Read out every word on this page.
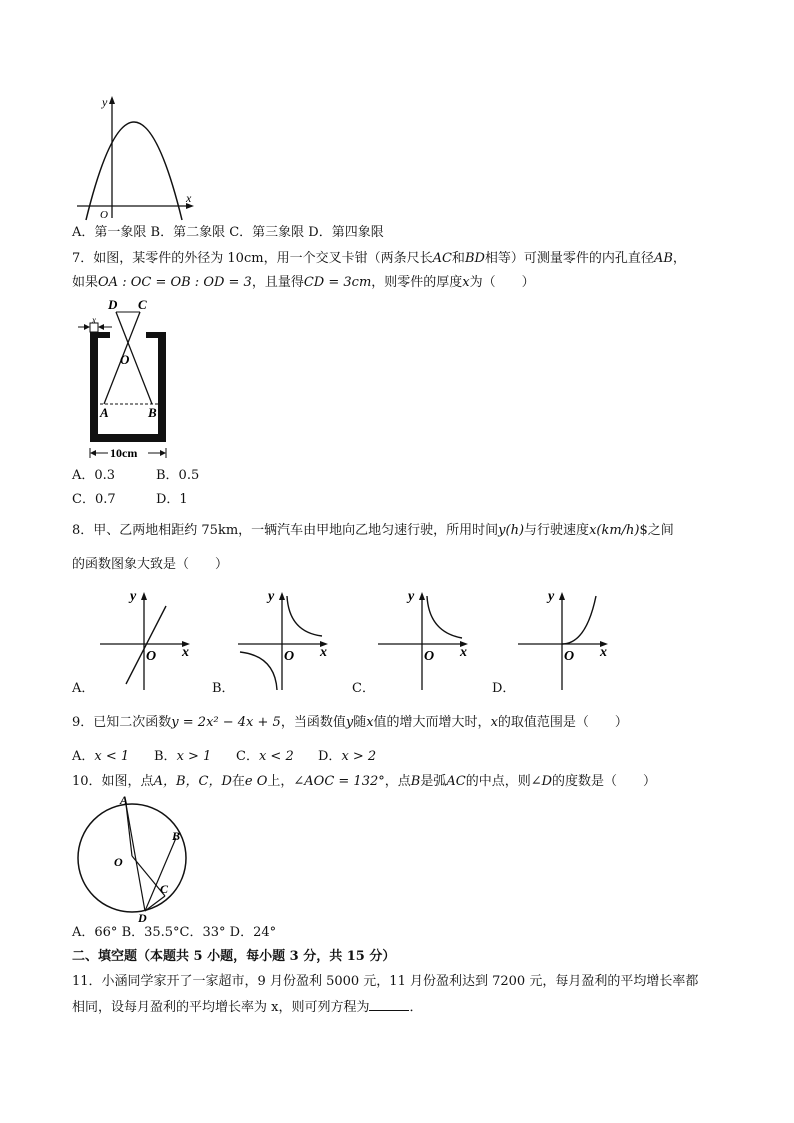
y
x
O
A．第一象限 B．第二象限 C．第三象限 D．第四象限
7．如图，某零件的外径为 10cm，用一个交叉卡钳（两条尺长AC和BD相等）可测量零件的内孔直径AB，
如果OA : OC = OB : OD = 3，且量得CD = 3cm，则零件的厚度x为（　　）
D C
O
A	B
x
10cm
A．0.3	B．0.5
C．0.7	D．1
8．甲、乙两地相距约 75km，一辆汽车由甲地向乙地匀速行驶，所用时间y(h)与行驶速度x(km/h)$之间
的函数图象大致是（　　）
y
x
O
A．
y
x
O
B．
y
x
O
C．
y
x
O
D．
9．已知二次函数y = 2x² − 4x + 5，当函数值y随x值的增大而增大时，x的取值范围是（　　）
A．x < 1 B．x > 1 C．x < 2 D．x > 2
10．如图，点A，B，C，D在e O上，∠AOC = 132°，点B是弧AC的中点，则∠D的度数是（　　）
A
B
C
D
O
A．66° B．35.5°C．33° D．24°
二、填空题（本题共 5 小题，每小题 3 分，共 15 分）
11．小涵同学家开了一家超市，9 月份盈利 5000 元，11 月份盈利达到 7200 元，每月盈利的平均增长率都
相同，设每月盈利的平均增长率为 x，则可列方程为	．
